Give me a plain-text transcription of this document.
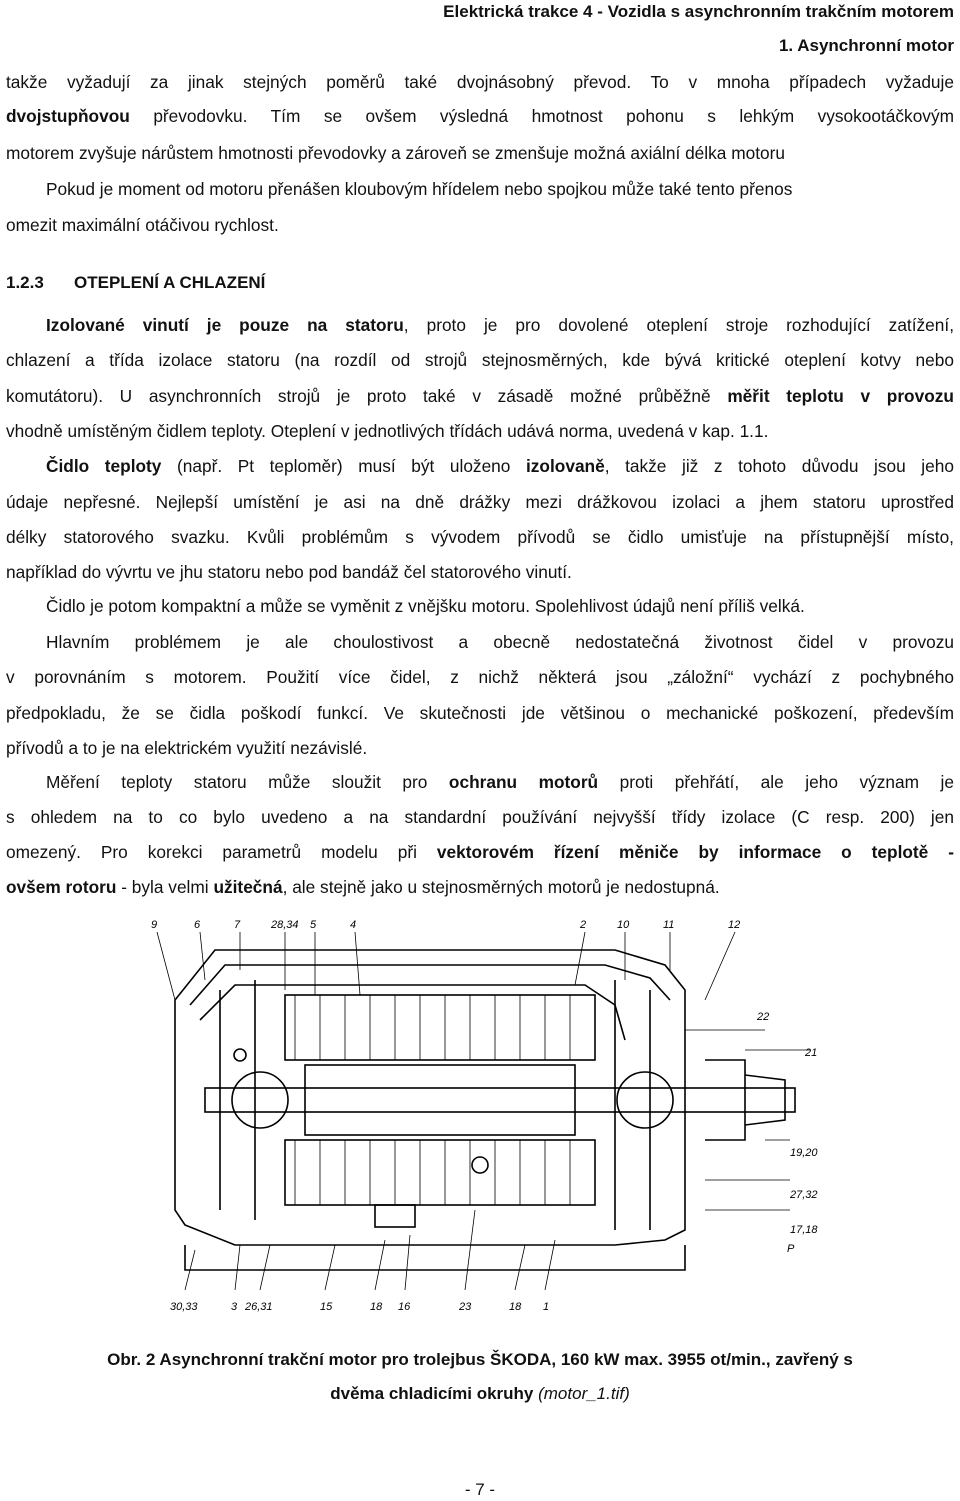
Elektrická trakce 4 - Vozidla s asynchronním trakčním motorem
1. Asynchronní motor
takže vyžadují za jinak stejných poměrů také dvojnásobný převod. To v mnoha případech vyžaduje
dvojstupňovou převodovku. Tím se ovšem výsledná hmotnost pohonu s lehkým vysokootáčkovým
motorem zvyšuje nárůstem hmotnosti převodovky a zároveň se zmenšuje možná axiální délka motoru
Pokud je moment od motoru přenášen kloubovým hřídelem nebo spojkou může také tento přenos
omezit maximální otáčivou rychlost.
1.2.3 OTEPLENÍ A CHLAZENÍ
Izolované vinutí je pouze na statoru, proto je pro dovolené oteplení stroje rozhodující zatížení,
chlazení a třída izolace statoru (na rozdíl od strojů stejnosměrných, kde bývá kritické oteplení kotvy nebo
komutátoru). U asynchronních strojů je proto také v zásadě možné průběžně měřit teplotu v provozu
vhodně umístěným čidlem teploty. Oteplení v jednotlivých třídách udává norma, uvedená v kap. 1.1.
Čidlo teploty (např. Pt teploměr) musí být uloženo izolovaně, takže již z tohoto důvodu jsou jeho
údaje nepřesné. Nejlepší umístění je asi na dně drážky mezi drážkovou izolaci a jhem statoru uprostřed
délky statorového svazku. Kvůli problémům s vývodem přívodů se čidlo umisťuje na přístupnější místo,
například do vývrtu ve jhu statoru nebo pod bandáž čel statorového vinutí.
Čidlo je potom kompaktní a může se vyměnit z vnějšku motoru. Spolehlivost údajů není příliš velká.
Hlavním problémem je ale choulostivost a obecně nedostatečná životnost čidel v provozu
v porovnáním s motorem. Použití více čidel, z nichž některá jsou „záložní“ vychází z pochybného
předpokladu, že se čidla poškodí funkcí. Ve skutečnosti jde většinou o mechanické poškození, především
přívodů a to je na elektrickém využití nezávislé.
Měření teploty statoru může sloužit pro ochranu motorů proti přehřátí, ale jeho význam je
s ohledem na to co bylo uvedeno a na standardní používání nejvyšší třídy izolace (C resp. 200) jen
omezený. Pro korekci parametrů modelu při vektorovém řízení měniče by informace o teplotě -
ovšem rotoru - byla velmi užitečná, ale stejně jako u stejnosměrných motorů je nedostupná.
9	6	7	28,34 5	4	2	10	11	12
22
21
19,20
27,32
17,18
P
30,33	3 26,31	15	18 16	23	18 1
Obr. 2 Asynchronní trakční motor pro trolejbus ŠKODA, 160 kW max. 3955 ot/min., zavřený s
dvěma chladicími okruhy (motor_1.tif)
- 7 -
